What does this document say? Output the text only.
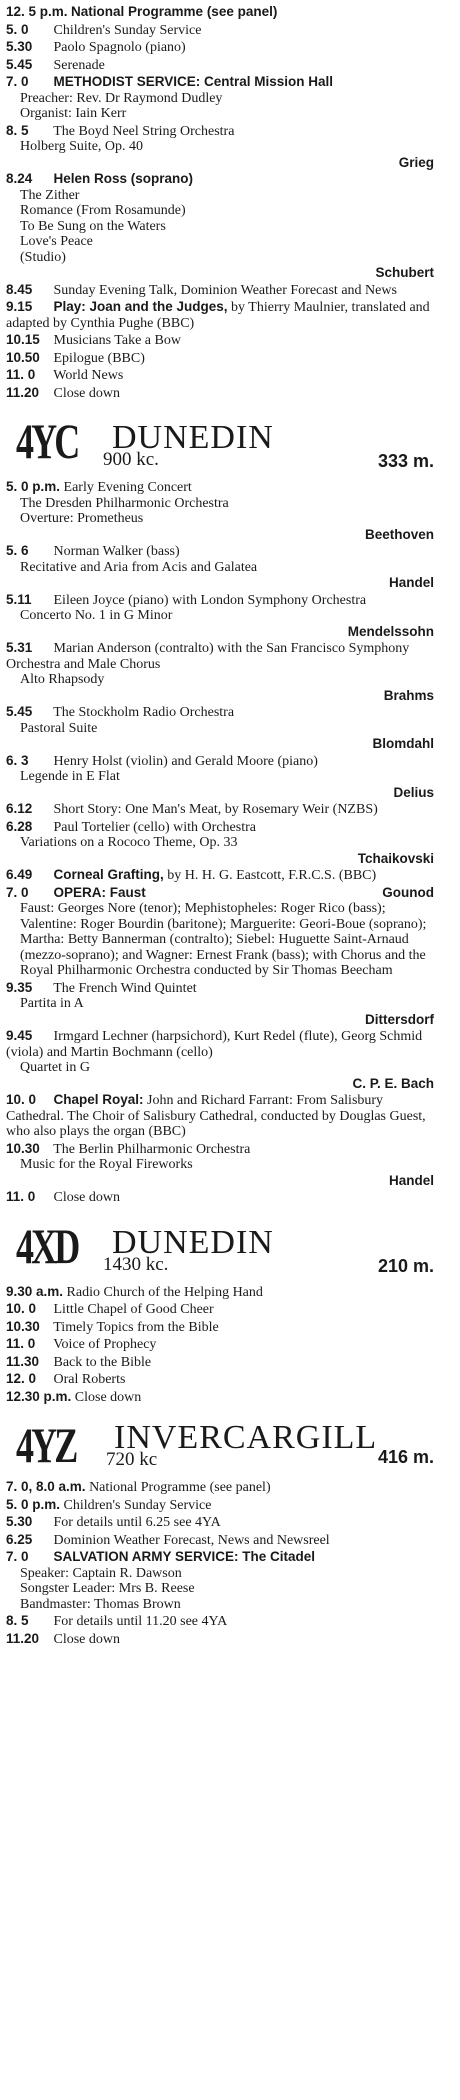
12. 5 p.m. National Programme (see panel)
5. 0 Children's Sunday Service
5.30 Paolo Spagnolo (piano)
5.45 Serenade
7. 0 METHODIST SERVICE: Central Mission Hall
Preacher: Rev. Dr Raymond Dudley
Organist: Iain Kerr
8. 5 The Boyd Neel String Orchestra
Holberg Suite, Op. 40
Grieg
8.24 Helen Ross (soprano)
The Zither
Romance (From Rosamunde)
To Be Sung on the Waters
Love's Peace
(Studio)
Schubert
8.45 Sunday Evening Talk, Dominion Weather Forecast and News
9.15 Play: Joan and the Judges, by Thierry Maulnier, translated and adapted by Cynthia Pughe (BBC)
10.15 Musicians Take a Bow
10.50 Epilogue (BBC)
11. 0 World News
11.20 Close down
4YC DUNEDIN
900 kc.	333 m.
5. 0 p.m. Early Evening Concert
The Dresden Philharmonic Orchestra
Overture: Prometheus
Beethoven
5. 6 Norman Walker (bass)
Recitative and Aria from Acis and Galatea
Handel
5.11 Eileen Joyce (piano) with London Symphony Orchestra
Concerto No. 1 in G Minor
Mendelssohn
5.31 Marian Anderson (contralto) with the San Francisco Symphony Orchestra and Male Chorus
Alto Rhapsody
Brahms
5.45 The Stockholm Radio Orchestra
Pastoral Suite
Blomdahl
6. 3 Henry Holst (violin) and Gerald Moore (piano)
Legende in E Flat
Delius
6.12 Short Story: One Man's Meat, by Rosemary Weir (NZBS)
6.28 Paul Tortelier (cello) with Orchestra
Variations on a Rococo Theme, Op. 33
Tchaikovski
6.49 Corneal Grafting, by H. H. G. Eastcott, F.R.C.S. (BBC)
7. 0 OPERA: Faust
Faust: Georges Nore (tenor); Mephistopheles: Roger Rico (bass); Valentine: Roger Bourdin (baritone); Marguerite: Geori-Boue (soprano); Martha: Betty Bannerman (contralto); Siebel: Huguette Saint-Arnaud (mezzo-soprano); and Wagner: Ernest Frank (bass); with Chorus and the Royal Philharmonic Orchestra conducted by Sir Thomas Beecham
Gounod
9.35 The French Wind Quintet
Partita in A
Dittersdorf
9.45 Irmgard Lechner (harpsichord), Kurt Redel (flute), Georg Schmid (viola) and Martin Bochmann (cello)
Quartet in G
C. P. E. Bach
10. 0 Chapel Royal: John and Richard Farrant: From Salisbury Cathedral. The Choir of Salisbury Cathedral, conducted by Douglas Guest, who also plays the organ (BBC)
10.30 The Berlin Philharmonic Orchestra
Music for the Royal Fireworks
Handel
11. 0 Close down
4XD DUNEDIN
1430 kc.	210 m.
9.30 a.m. Radio Church of the Helping Hand
10. 0 Little Chapel of Good Cheer
10.30 Timely Topics from the Bible
11. 0 Voice of Prophecy
11.30 Back to the Bible
12. 0 Oral Roberts
12.30 p.m. Close down
4YZ INVERCARGILL
720 kc	416 m.
7. 0, 8.0 a.m. National Programme (see panel)
5. 0 p.m. Children's Sunday Service
5.30 For details until 6.25 see 4YA
6.25 Dominion Weather Forecast, News and Newsreel
7. 0 SALVATION ARMY SERVICE: The Citadel
Speaker: Captain R. Dawson
Songster Leader: Mrs B. Reese
Bandmaster: Thomas Brown
8. 5 For details until 11.20 see 4YA
11.20 Close down
